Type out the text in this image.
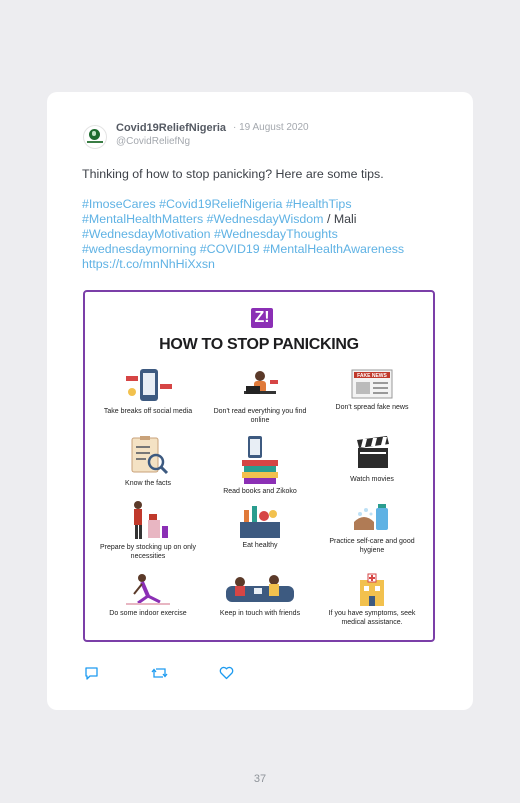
Covid19ReliefNigeria · 19 August 2020
@CovidReliefNg

Thinking of how to stop panicking? Here are some tips.

#ImoseCares #Covid19ReliefNigeria #HealthTips

#MentalHealthMatters #WednesdayWisdom / Mali

#WednesdayMotivation #WednesdayThoughts

#wednesdaymorning #COVID19 #MentalHealthAwareness

https://t.co/mnNhHiXxsn

Z!
HOW TO STOP PANICKING
Take breaks off social media	Don't read everything you find online
FAKE NEWS
Don't spread fake news
Know the facts
Read books and Zikoko
Watch movies
Prepare by stocking up on only necessities
Eat healthy
Practice self-care and good hygiene
Do some indoor exercise	Keep in touch with friends	If you have symptoms, seek medical assistance.
37
